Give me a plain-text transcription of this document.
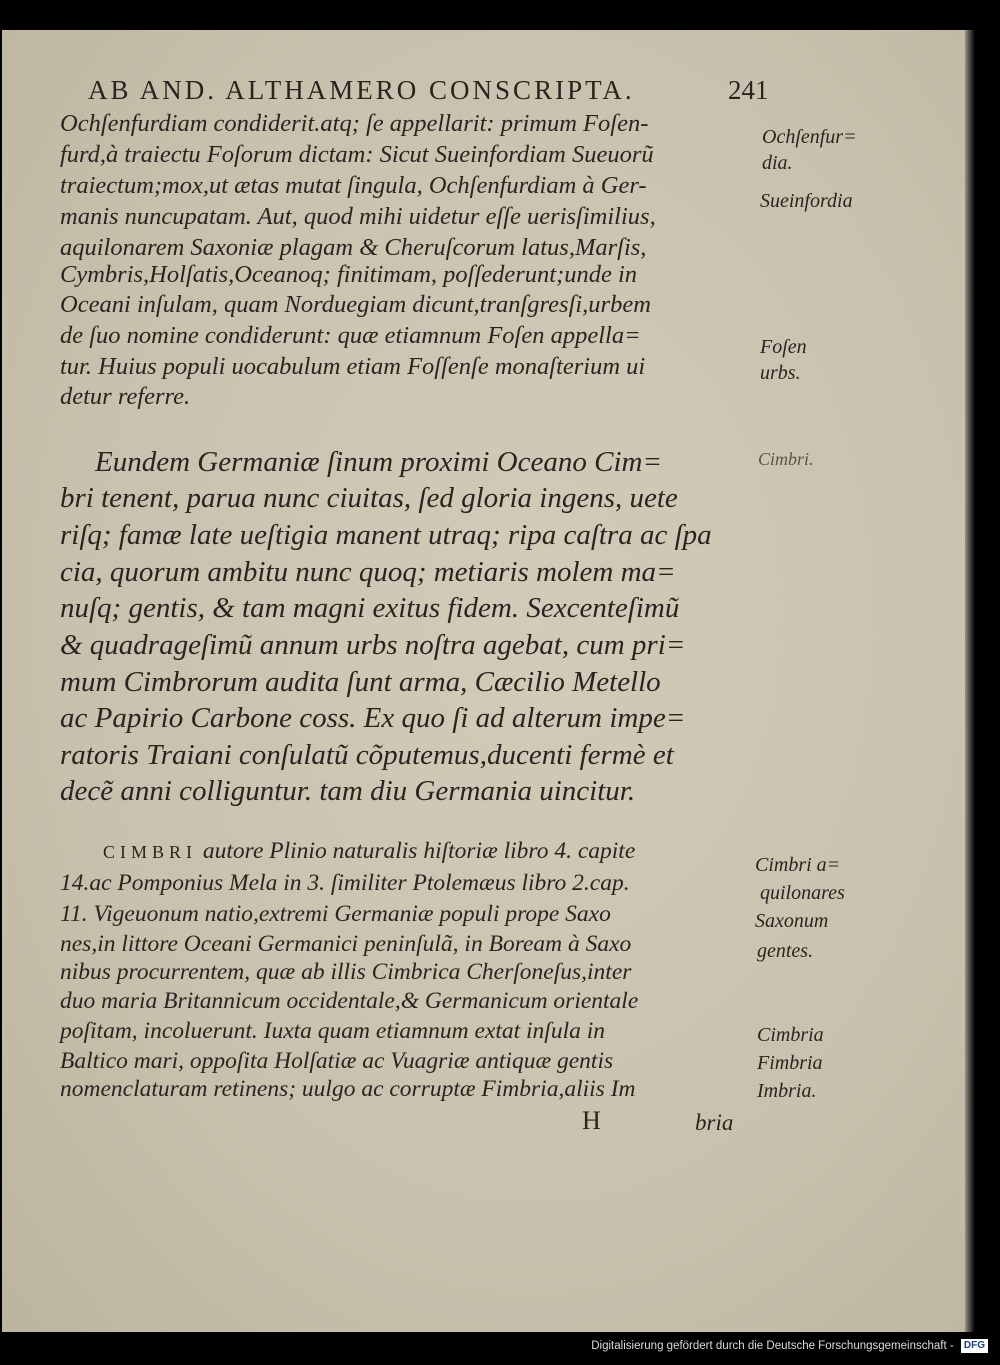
AB AND. ALTHAMERO CONSCRIPTA.	241
Ochſenfurdiam condiderit.atq; ſe appellarit: primum Foſen-
furd,à traiectu Foſorum dictam: Sicut Sueinfordiam Sueuorũ
traiectum;mox,ut ætas mutat ſingula, Ochſenfurdiam à Ger-
manis nuncupatam. Aut, quod mihi uidetur eſſe uerisſimilius,
aquilonarem Saxoniæ plagam & Cheruſcorum latus,Marſis,
Cymbris,Holſatis,Oceanoq; finitimam, poſſederunt;unde in
Oceani inſulam, quam Norduegiam dicunt,tranſgresſi,urbem
de ſuo nomine condiderunt: quæ etiamnum Foſen appella=
tur. Huius populi uocabulum etiam Foſſenſe monaſterium ui
detur referre.
Eundem Germaniæ ſinum proximi Oceano Cim=
bri tenent, parua nunc ciuitas, ſed gloria ingens, uete
riſq; famæ late ueſtigia manent utraq; ripa caſtra ac ſpa
cia, quorum ambitu nunc quoq; metiaris molem ma=
nuſq; gentis, & tam magni exitus fidem. Sexcenteſimũ
& quadrageſimũ annum urbs noſtra agebat, cum pri=
mum Cimbrorum audita ſunt arma, Cæcilio Metello
ac Papirio Carbone coss. Ex quo ſi ad alterum impe=
ratoris Traiani conſulatũ cõputemus,ducenti fermè et
decẽ anni colliguntur. tam diu Germania uincitur.
CIMBRI autore Plinio naturalis hiſtoriæ libro 4. capite
14.ac Pomponius Mela in 3. ſimiliter Ptolemæus libro 2.cap.
11. Vigeuonum natio,extremi Germaniæ populi prope Saxo
nes,in littore Oceani Germanici peninſulã, in Boream à Saxo
nibus procurrentem, quæ ab illis Cimbrica Cherſoneſus,inter
duo maria Britannicum occidentale,& Germanicum orientale
poſitam, incoluerunt. Iuxta quam etiamnum extat inſula in
Baltico mari, oppoſita Holſatiæ ac Vuagriæ antiquæ gentis
nomenclaturam retinens; uulgo ac corruptæ Fimbria,aliis Im
H	bria
Ochſenfur=
dia.
Sueinfordia
Foſen
urbs.
Cimbri.
Cimbri a=
quilonares
Saxonum
gentes.
Cimbria
Fimbria
Imbria.
Digitalisierung gefördert durch die Deutsche Forschungsgemeinschaft - DFG
